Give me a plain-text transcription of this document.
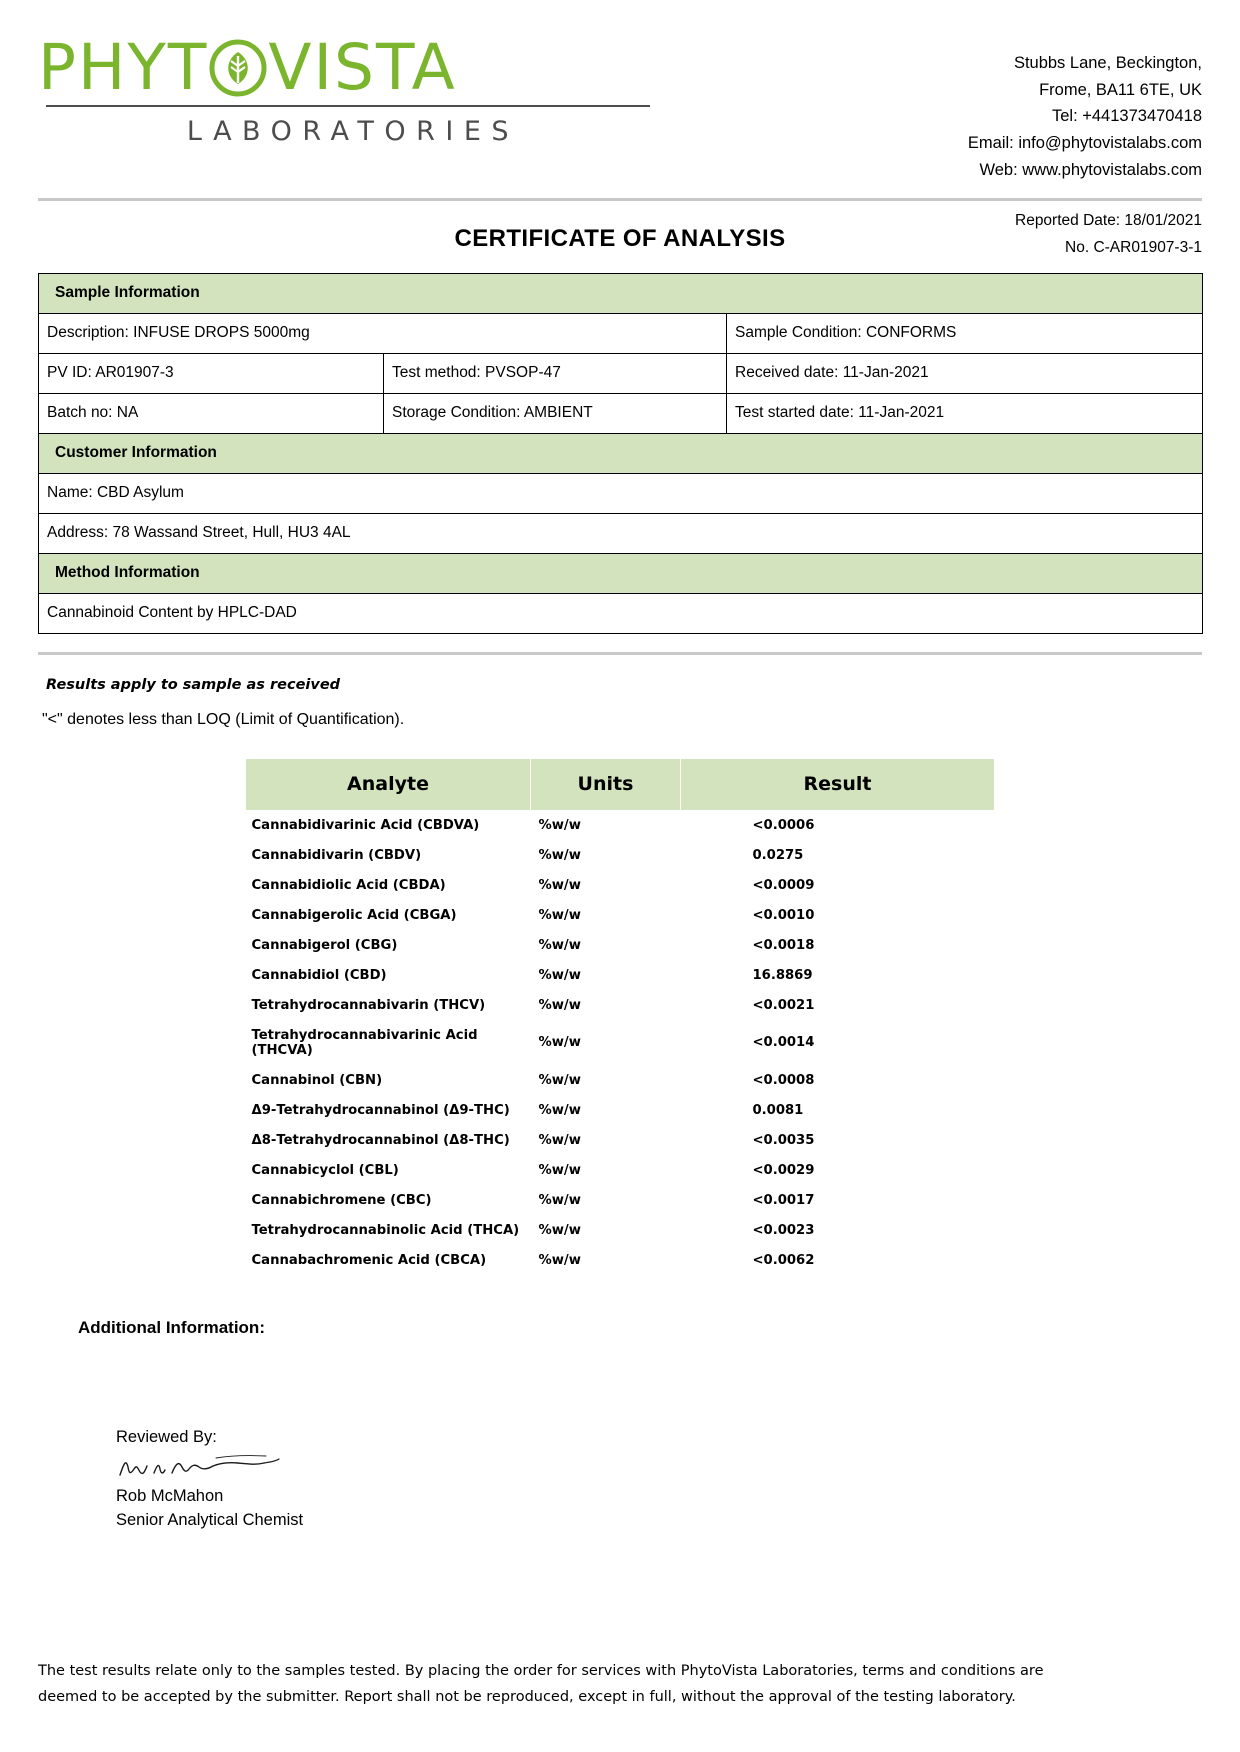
PHYT VISTA
LABORATORIES
Stubbs Lane, Beckington,
Frome, BA11 6TE, UK
Tel: +441373470418
Email: info@phytovistalabs.com
Web: www.phytovistalabs.com
Reported Date: 18/01/2021
No. C-AR01907-3-1
CERTIFICATE OF ANALYSIS
Sample Information		
Description: INFUSE DROPS 5000mg		Sample Condition: CONFORMS
PV ID: AR01907-3	Test method: PVSOP-47	Received date: 11-Jan-2021
Batch no: NA	Storage Condition: AMBIENT	Test started date: 11-Jan-2021
Customer Information		
Name: CBD Asylum		
Address: 78 Wassand Street, Hull, HU3 4AL		
Method Information		
Cannabinoid Content by HPLC-DAD		
Results apply to sample as received
"<" denotes less than LOQ (Limit of Quantification).
Analyte	Units	Result
Cannabidivarinic Acid (CBDVA)	%w/w	<0.0006
Cannabidivarin (CBDV)	%w/w	0.0275
Cannabidiolic Acid (CBDA)	%w/w	<0.0009
Cannabigerolic Acid (CBGA)	%w/w	<0.0010
Cannabigerol (CBG)	%w/w	<0.0018
Cannabidiol (CBD)	%w/w	16.8869
Tetrahydrocannabivarin (THCV)	%w/w	<0.0021
Tetrahydrocannabivarinic Acid (THCVA)	%w/w	<0.0014
Cannabinol (CBN)	%w/w	<0.0008
Δ9-Tetrahydrocannabinol (Δ9-THC)	%w/w	0.0081
Δ8-Tetrahydrocannabinol (Δ8-THC)	%w/w	<0.0035
Cannabicyclol (CBL)	%w/w	<0.0029
Cannabichromene (CBC)	%w/w	<0.0017
Tetrahydrocannabinolic Acid (THCA)	%w/w	<0.0023
Cannabachromenic Acid (CBCA)	%w/w	<0.0062
Additional Information:
Reviewed By:
Rob McMahon
Senior Analytical Chemist
The test results relate only to the samples tested. By placing the order for services with PhytoVista Laboratories, terms and conditions are
deemed to be accepted by the submitter. Report shall not be reproduced, except in full, without the approval of the testing laboratory.
